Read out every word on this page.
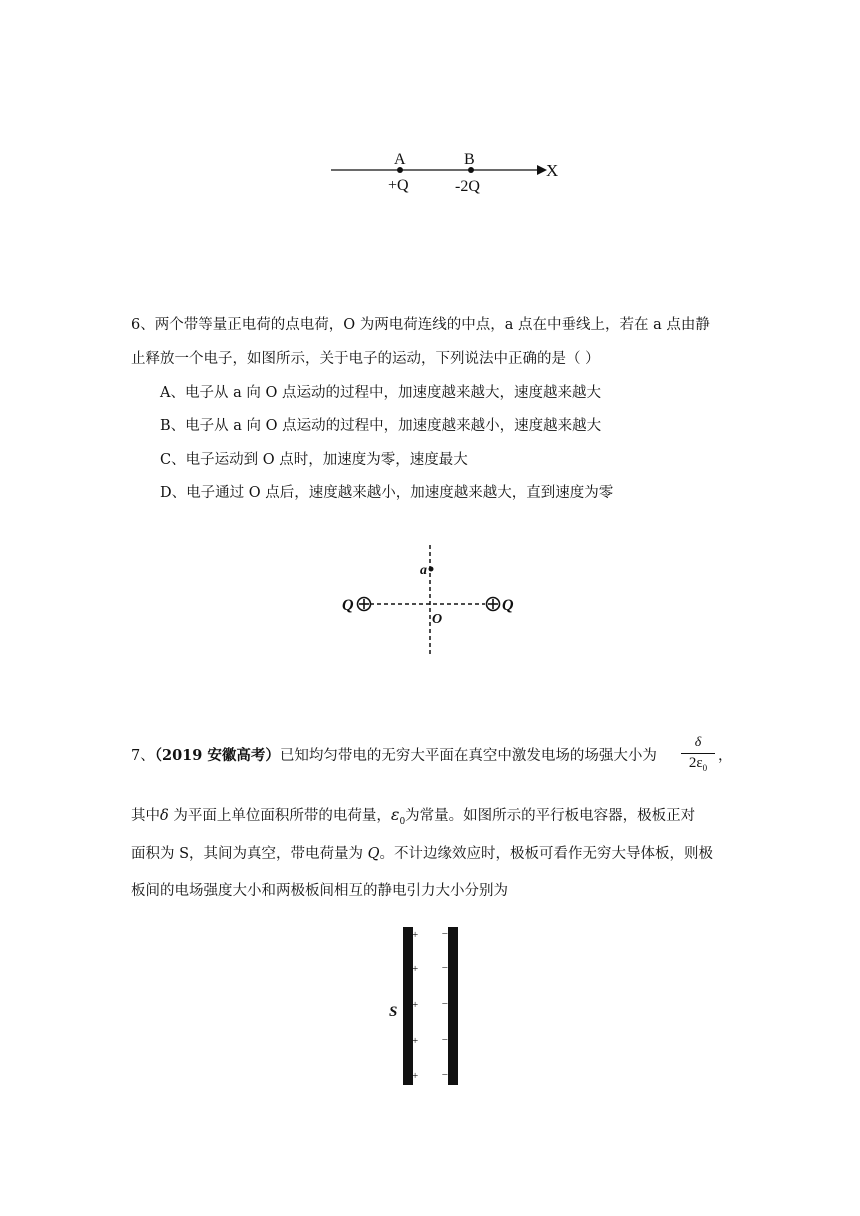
A	B
+Q	-2Q
X
6、两个带等量正电荷的点电荷，O 为两电荷连线的中点，a 点在中垂线上，若在 a 点由静
止释放一个电子，如图所示，关于电子的运动，下列说法中正确的是（ ）
A、电子从 a 向 O 点运动的过程中，加速度越来越大，速度越来越大
B、电子从 a 向 O 点运动的过程中，加速度越来越小，速度越来越大
C、电子运动到 O 点时，加速度为零，速度最大
D、电子通过 O 点后，速度越来越小，加速度越来越大，直到速度为零
Q	Q
a
O
7、（2019 安徽高考）已知均匀带电的无穷大平面在真空中激发电场的场强大小为
δ
$2\varepsilon_0$
，
其中δ 为平面上单位面积所带的电荷量，$\varepsilon_0$为常量。如图所示的平行板电容器，极板正对
面积为 S，其间为真空，带电荷量为 Q。不计边缘效应时，极板可看作无穷大导体板，则极
板间的电场强度大小和两极板间相互的静电引力大小分别为
+
+
+
+
+
−
−
−
−
−
S
